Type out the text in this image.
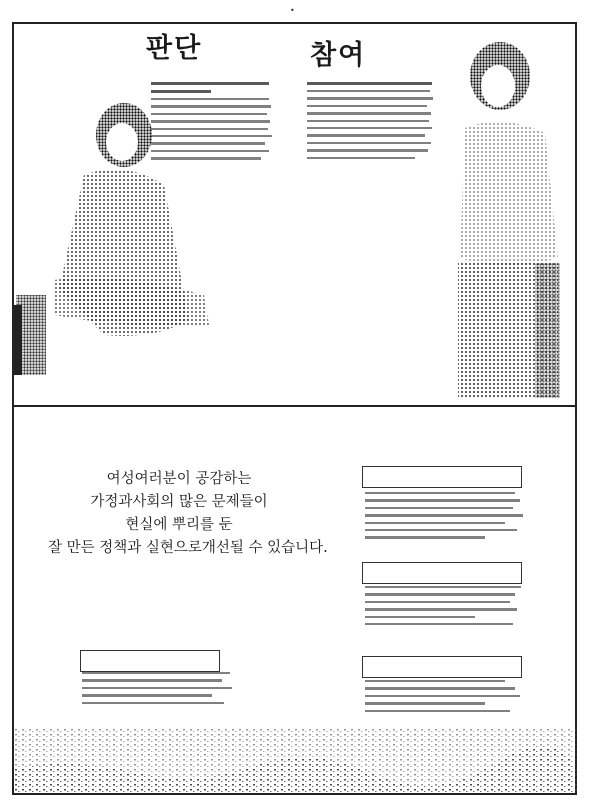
•
판단	참여
여성여러분이 공감하는
가정과사회의 많은 문제들이
현실에 뿌리를 둔
잘 만든 정책과 실현으로개선될 수 있습니다.
